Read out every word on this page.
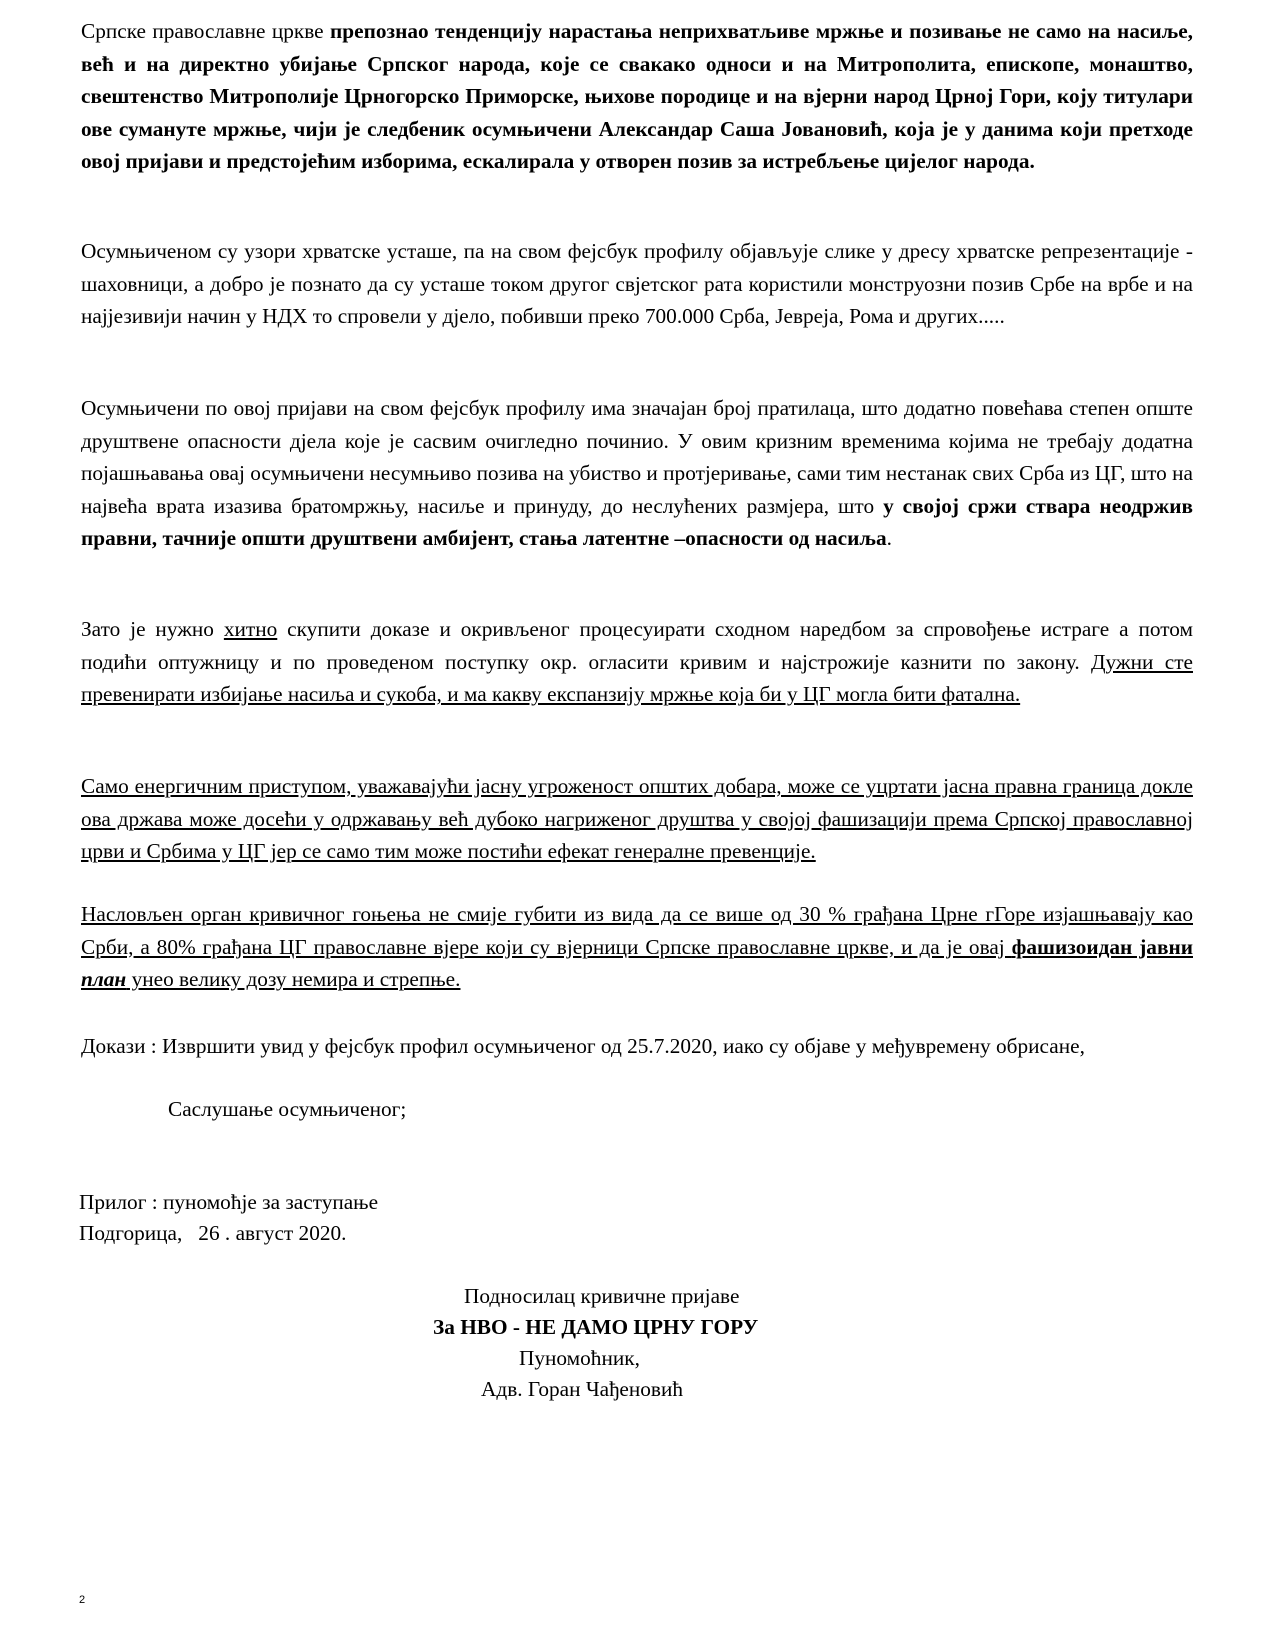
Српске православне цркве препознао тенденцију нарастања неприхватљиве мржње и позивање не само на насиље, већ и на директно убијање Српског народа, које се свакако односи и на Митрополита, епископе, монаштво, свештенство Митрополије Црногорско Приморске, њихове породице и на вјерни народ Црној Гори, коју титулари ове сумануте мржње, чији је следбеник осумњичени Александар Саша Јовановић, која је у данима који претходе овој пријави и предстојећим изборима, ескалирала у отворен позив за истребљење цијелог народа.

Осумњиченом су узори хрватске усташе, па на свом фејсбук профилу објављује слике у дресу хрватске репрезентације - шаховници, а добро је познато да су усташе током другог свјетског рата користили монструозни позив Србе на врбе и на најјезивији начин у НДХ то спровели у дјело, побивши преко 700.000 Срба, Јевреја, Рома и других.....

Осумњичени по овој пријави на свом фејсбук профилу има значајан број пратилаца, што додатно повећава степен опште друштвене опасности дјела које је сасвим очигледно починио. У овим кризним временима којима не требају додатна појашњавања овај осумњичени несумњиво позива на убиство и протјеривање, сами тим нестанак свих Срба из ЦГ, што на највећа врата изазива братомржњу, насиље и принуду, до неслућених размјера, што у својој сржи ствара неодржив правни, тачније општи друштвени амбијент, стања латентне –опасности од насиља.

Зато је нужно хитно скупити доказе и окривљеног процесуирати сходном наредбом за спровођење истраге а потом подићи оптужницу и по проведеном поступку окр. огласити кривим и најстрожије казнити по закону. Дужни сте превенирати избијање насиља и сукоба, и ма какву експанзију мржње која би у ЦГ могла бити фатална.

Само енергичним приступом, уважавајући јасну угроженост општих добара, може се уцртати јасна правна граница докле ова држава може досећи у одржавању већ дубоко нагриженог друштва у својој фашизацији према Српској православној црви и Србима у ЦГ јер се само тим може постићи ефекат генералне превенције.

Насловљен орган кривичног гоњења не смије губити из вида да се више од 30 % грађана Црне гГоре изјашњавају као Срби, а 80% грађана ЦГ православне вјере који су вјерници Српске православне цркве, и да је овај фашизоидан јавни план унео велику дозу немира и стрепње.

Докази : Извршити увид у фејсбук профил осумњиченог од 25.7.2020, иако су објаве у међувремену обрисане,

Саслушање осумњиченог;

Прилог : пуномоћје за заступање

Подгорица,   26 . август 2020.

Подносилац кривичне пријаве

За НВО - НЕ ДАМО ЦРНУ ГОРУ

Пуномоћник,

Адв. Горан Чађеновић

2
